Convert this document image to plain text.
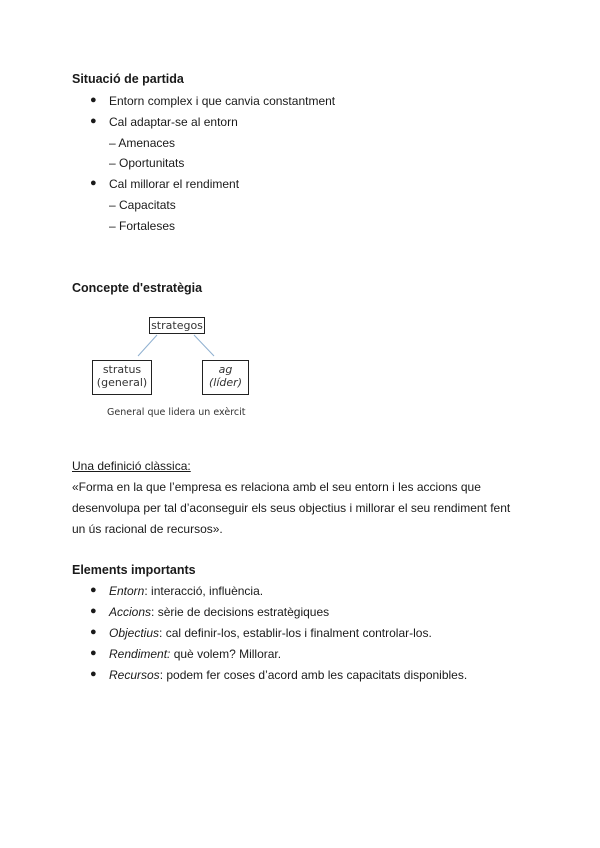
Situació de partida
● Entorn complex i que canvia constantment
● Cal adaptar-se al entorn
– Amenaces
– Oportunitats
● Cal millorar el rendiment
– Capacitats
– Fortaleses
Concepte d'estratègia
strategos
stratus
(general)
ag
(líder)
General que lidera un exèrcit
Una definició clàssica:
«Forma en la que l’empresa es relaciona amb el seu entorn i les accions que
desenvolupa per tal d’aconseguir els seus objectius i millorar el seu rendiment fent
un ús racional de recursos».
Elements importants
● Entorn: interacció, influència.
● Accions: sèrie de decisions estratègiques
● Objectius: cal definir-los, establir-los i finalment controlar-los.
● Rendiment: què volem? Millorar.
● Recursos: podem fer coses d’acord amb les capacitats disponibles.
